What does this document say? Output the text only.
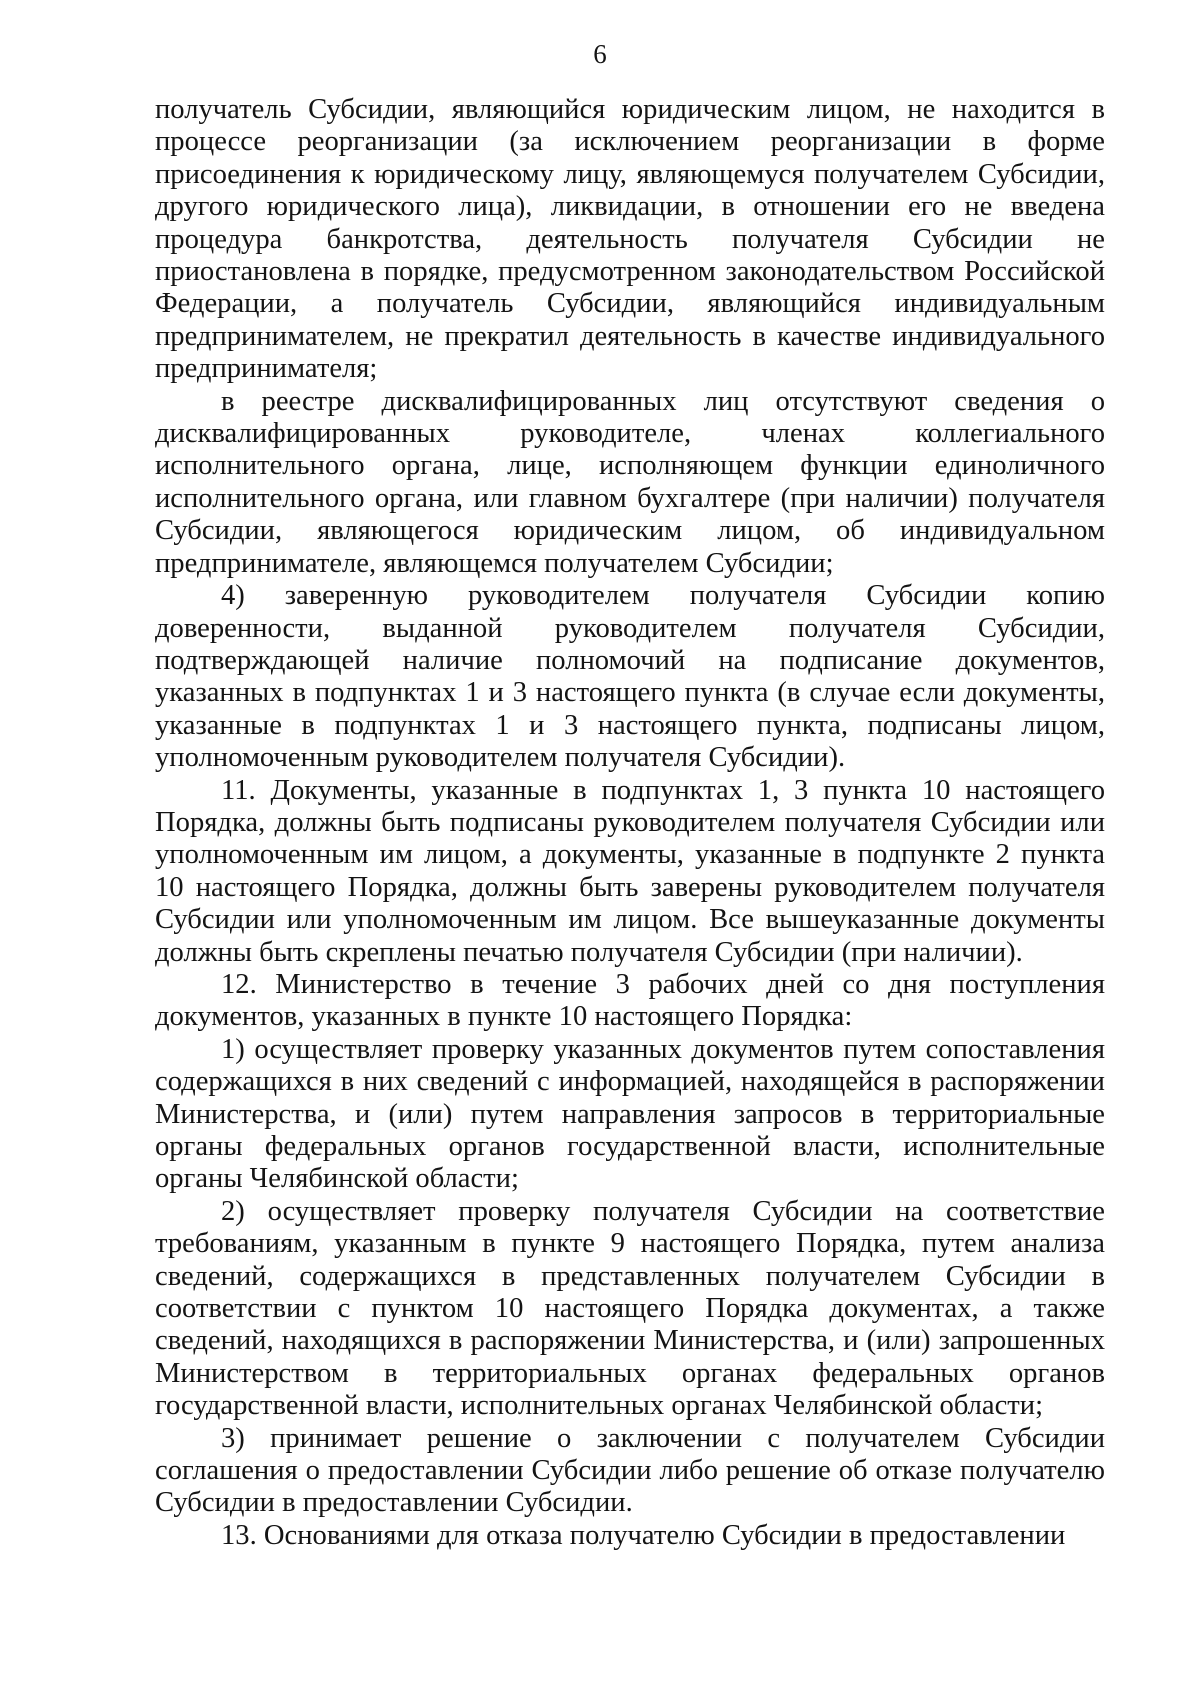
6

получатель Субсидии, являющийся юридическим лицом, не находится в процессе реорганизации (за исключением реорганизации в форме присоединения к юридическому лицу, являющемуся получателем Субсидии, другого юридического лица), ликвидации, в отношении его не введена процедура банкротства, деятельность получателя Субсидии не приостановлена в порядке, предусмотренном законодательством Российской Федерации, а получатель Субсидии, являющийся индивидуальным предпринимателем, не прекратил деятельность в качестве индивидуального предпринимателя;

в реестре дисквалифицированных лиц отсутствуют сведения о дисквалифицированных руководителе, членах коллегиального исполнительного органа, лице, исполняющем функции единоличного исполнительного органа, или главном бухгалтере (при наличии) получателя Субсидии, являющегося юридическим лицом, об индивидуальном предпринимателе, являющемся получателем Субсидии;

4) заверенную руководителем получателя Субсидии копию доверенности, выданной руководителем получателя Субсидии, подтверждающей наличие полномочий на подписание документов, указанных в подпунктах 1 и 3 настоящего пункта (в случае если документы, указанные в подпунктах 1 и 3 настоящего пункта, подписаны лицом, уполномоченным руководителем получателя Субсидии).

11. Документы, указанные в подпунктах 1, 3 пункта 10 настоящего Порядка, должны быть подписаны руководителем получателя Субсидии или уполномоченным им лицом, а документы, указанные в подпункте 2 пункта 10 настоящего Порядка, должны быть заверены руководителем получателя Субсидии или уполномоченным им лицом. Все вышеуказанные документы должны быть скреплены печатью получателя Субсидии (при наличии).

12. Министерство в течение 3 рабочих дней со дня поступления документов, указанных в пункте 10 настоящего Порядка:

1) осуществляет проверку указанных документов путем сопоставления содержащихся в них сведений с информацией, находящейся в распоряжении Министерства, и (или) путем направления запросов в территориальные органы федеральных органов государственной власти, исполнительные органы Челябинской области;

2) осуществляет проверку получателя Субсидии на соответствие требованиям, указанным в пункте 9 настоящего Порядка, путем анализа сведений, содержащихся в представленных получателем Субсидии в соответствии с пунктом 10 настоящего Порядка документах, а также сведений, находящихся в распоряжении Министерства, и (или) запрошенных Министерством в территориальных органах федеральных органов государственной власти, исполнительных органах Челябинской области;

3) принимает решение о заключении с получателем Субсидии соглашения о предоставлении Субсидии либо решение об отказе получателю Субсидии в предоставлении Субсидии.

13. Основаниями для отказа получателю Субсидии в предоставлении
